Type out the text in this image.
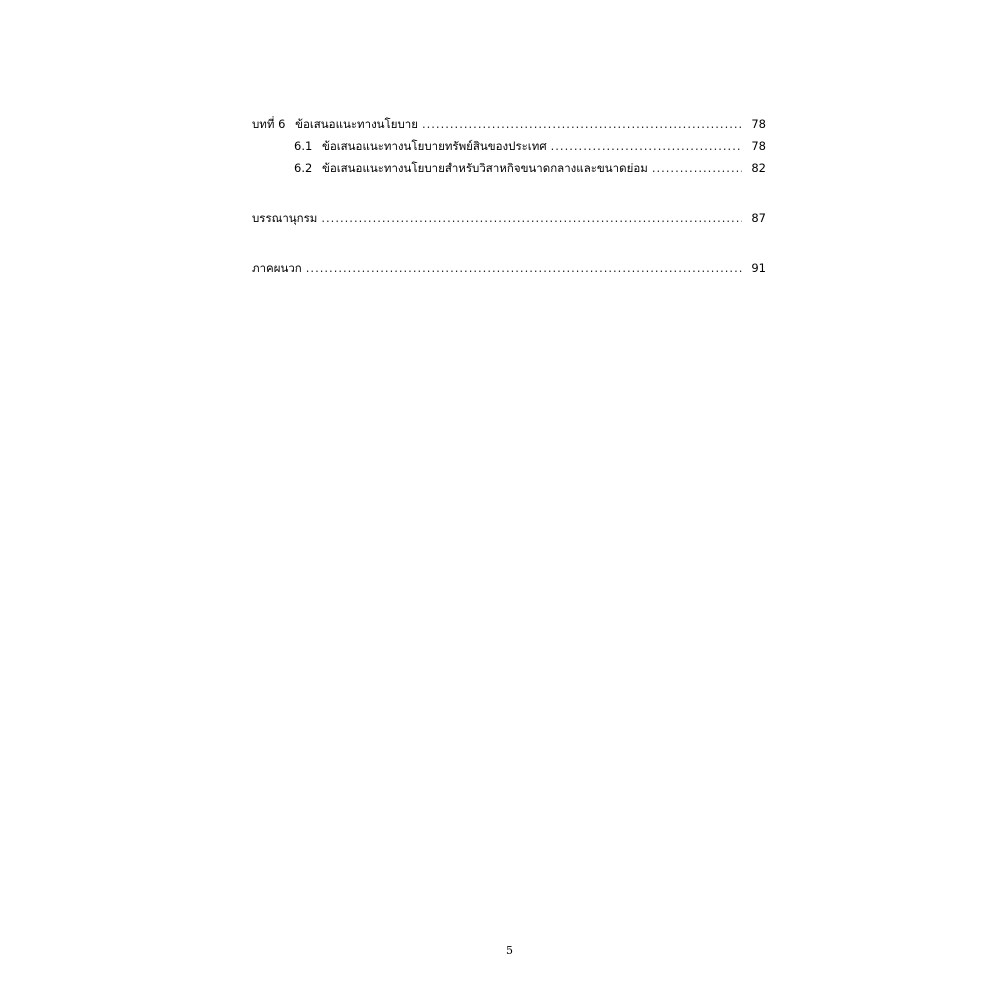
บทที่ 6 ข้อเสนอแนะทางนโยบาย .....	78
6.1 ข้อเสนอแนะทางนโยบายทรัพย์สินของประเทศ .....	78
6.2 ข้อเสนอแนะทางนโยบายสำหรับวิสาหกิจขนาดกลางและขนาดย่อม .....	82
บรรณานุกรม .....	87
ภาคผนวก .....	91
5
